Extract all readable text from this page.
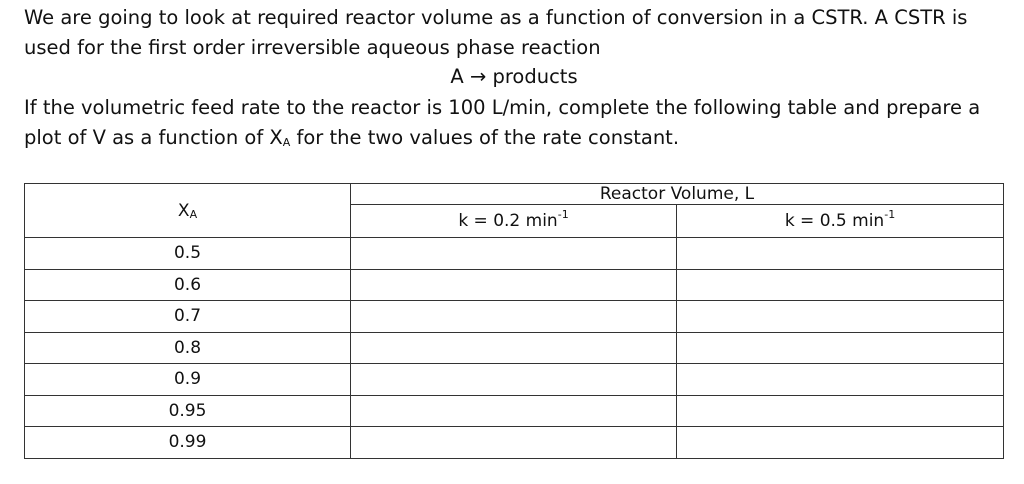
We are going to look at required reactor volume as a function of conversion in a CSTR. A CSTR is used for the first order irreversible aqueous phase reaction

A → products

If the volumetric feed rate to the reactor is 100 L/min, complete the following table and prepare a plot of V as a function of $X_A$ for the two values of the rate constant.

$X_A$	Reactor Volume, L	
	k = 0.2 $\min^{-1}$	k = 0.5 $\min^{-1}$
0.5		
0.6		
0.7		
0.8		
0.9		
0.95		
0.99		
